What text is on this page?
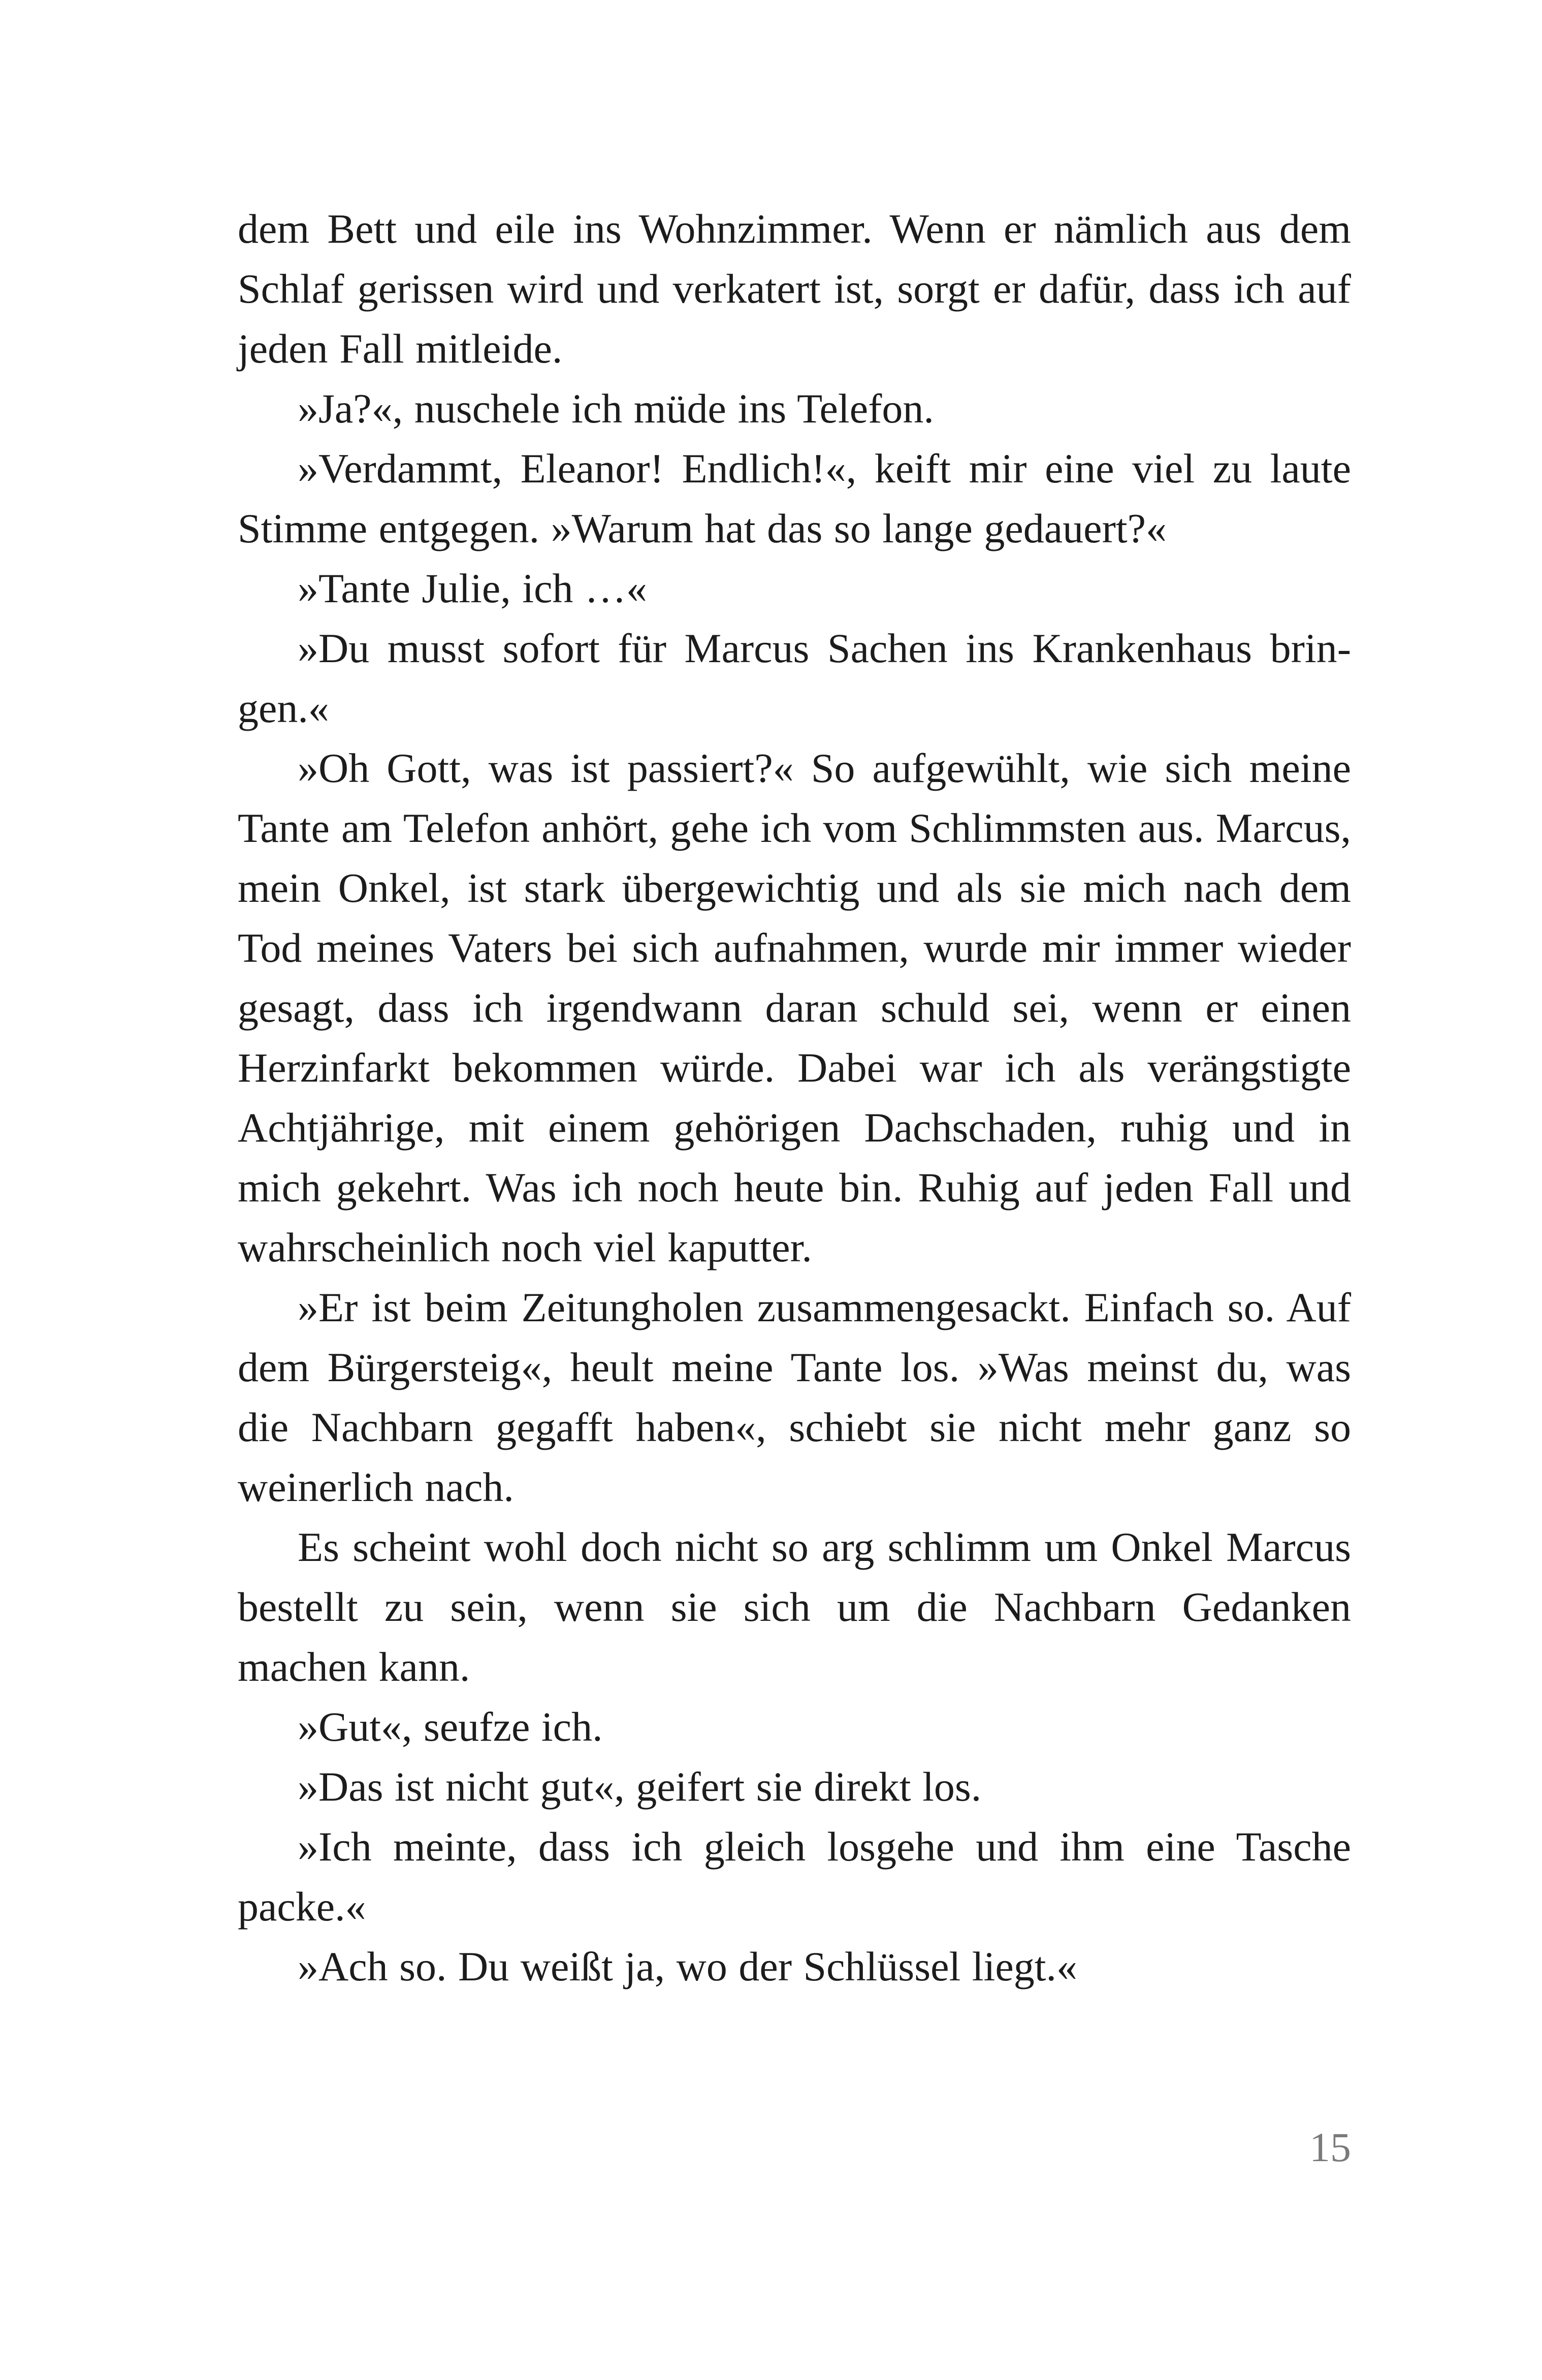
dem Bett und eile ins Wohnzimmer. Wenn er nämlich aus dem Schlaf gerissen wird und verkatert ist, sorgt er dafür, dass ich auf jeden Fall mitleide.

»Ja?«, nuschele ich müde ins Telefon.

»Verdammt, Eleanor! Endlich!«, keift mir eine viel zu laute Stimme entgegen. »Warum hat das so lange gedauert?«

»Tante Julie, ich …«

»Du musst sofort für Marcus Sachen ins Krankenhaus bringen.«

»Oh Gott, was ist passiert?« So aufgewühlt, wie sich meine Tante am Telefon anhört, gehe ich vom Schlimmsten aus. Marcus, mein Onkel, ist stark übergewichtig und als sie mich nach dem Tod meines Vaters bei sich aufnahmen, wurde mir immer wieder gesagt, dass ich irgendwann daran schuld sei, wenn er einen Herzinfarkt bekommen würde. Dabei war ich als verängstigte Achtjährige, mit einem gehörigen Dachschaden, ruhig und in mich gekehrt. Was ich noch heute bin. Ruhig auf jeden Fall und wahrscheinlich noch viel kaputter.

»Er ist beim Zeitungholen zusammengesackt. Einfach so. Auf dem Bürgersteig«, heult meine Tante los. »Was meinst du, was die Nachbarn gegafft haben«, schiebt sie nicht mehr ganz so weinerlich nach.

Es scheint wohl doch nicht so arg schlimm um Onkel Marcus bestellt zu sein, wenn sie sich um die Nachbarn Gedanken machen kann.

»Gut«, seufze ich.

»Das ist nicht gut«, geifert sie direkt los.

»Ich meinte, dass ich gleich losgehe und ihm eine Tasche packe.«

»Ach so. Du weißt ja, wo der Schlüssel liegt.«

15
